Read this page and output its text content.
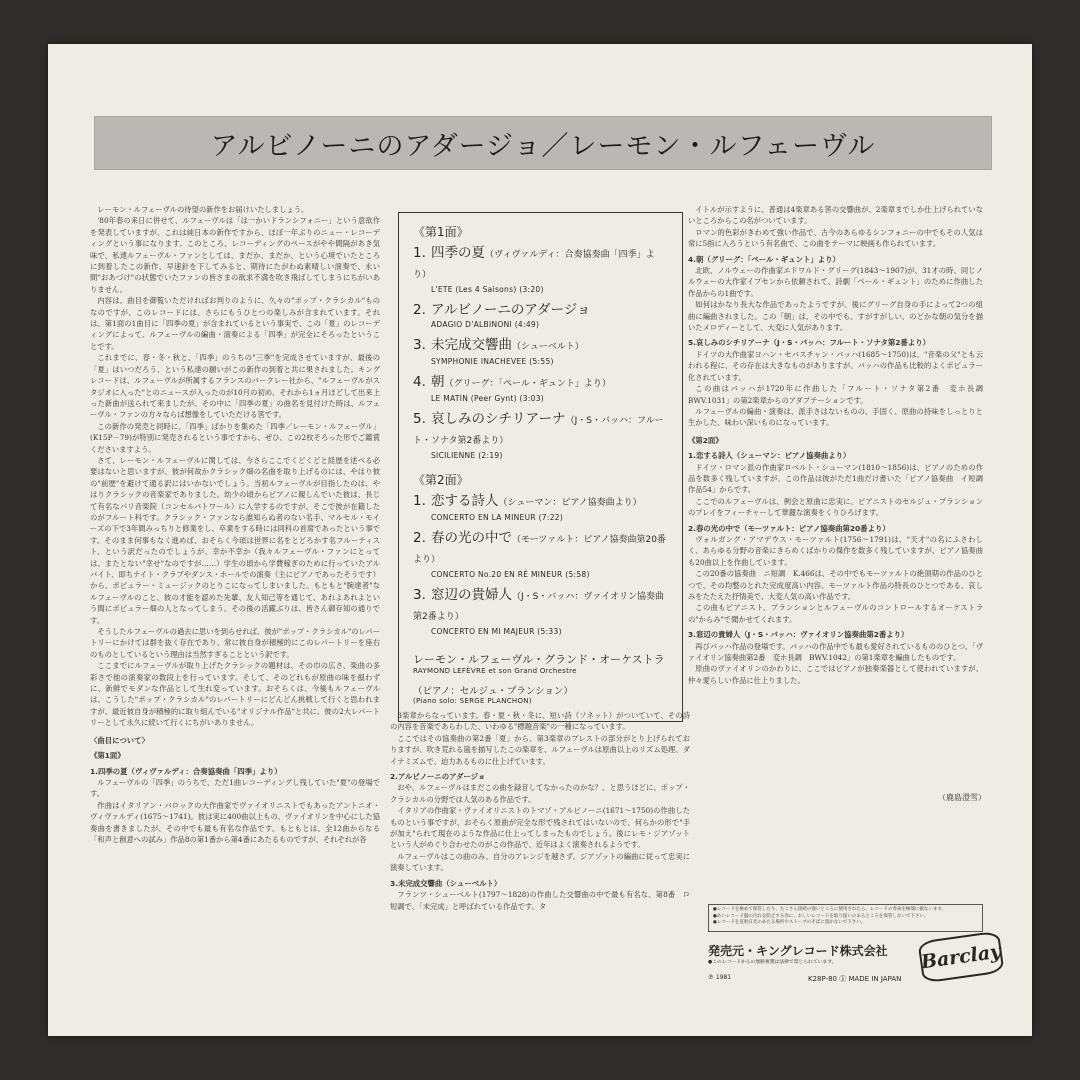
アルビノーニのアダージョ／レーモン・ルフェーヴル

レーモン・ルフェーヴルの待望の新作をお届けいたしましょう。

'80年春の来日に併せて、ルフェーヴルは「は一かいドランシフォニー」という意欲作を発表していますが、これは純日本の新作ですから、ほぼ一年ぶりのニュー・レコーディングという事になります。このところ、レコーディングのペースがやや間隔があき気味で、私達ルフェーヴル・ファンとしては、まだか、まだか、という心境でいたところに到着したこの新作、早速針を下してみると、期待にたがわぬ素晴しい演奏で、永い間"おあづけ"の状態でいたファンの皆さまの欲求不満を吹き飛ばしてしまうにちがいありません。

内容は、曲目を御覧いただければお判りのように、久々の"ポップ・クラシカル"ものなのですが、このレコードには、さらにもうひとつの楽しみが含まれています。それは、第1面の1曲目に「四季の夏」が含まれているという事実で、この「夏」のレコーディングによって、ルフェーヴルの編曲・演奏による「四季」が完全にそろったということです。

これまでに、春・冬・秋と、「四季」のうちの"三季"を完成させていますが、最後の「夏」はいつだろう、という私達の願いがこの新作の到着と共に果されました。キングレコードは、ルフェーヴルが所属するフランスのバークレー社から、"ルフェーヴルがスタジオに入った"とのニュースが入ったのが10月の初め、それから1ヵ月ほどして出来上った新曲が送られて来ましたが、その中に「四季の夏」の曲名を見付けた時は、ルフェーヴル・ファンの方々ならば想像をしていただける筈です。

この新作の発売と同時に、「四季」ばかりを集めた「四季／レーモン・ルフェーヴル」(K15P－79)が特別に発売されるという事ですから、ぜひ、この2枚そろった形でご鑑賞くださいますよう。

さて、レーモン・ルフェーヴルに関しては、今さらここでくどくどと経歴を述べる必要はないと思いますが、彼が何故かクラシック畑の名曲を取り上げるのには、やはり彼の"前歴"を避けて通る訳にはいかないでしょう。当初ルフェーヴルが目指したのは、やはりクラシックの音楽家でありました。幼少の頃からピアノに親しんでいた彼は、長じて有名なパリ音楽院（コンセルバトワール）に入学するのですが、そこで彼が在籍したのがフルート科です。クラシック・ファンなら誰知らぬ者のない名手、マルセル・モイーズの下で3年間みっちりと修業をし、卒業をする時には同科の首席であったという事です。そのまま何事もなく進めば、おそらく今頃は世界に名をとどろかす名フルーティスト、という訳だったのでしょうが、幸か不幸か（我々ルフェーヴル・ファンにとっては、またとない"幸せ"なのですが……）学生の頃から学費稼ぎのために行っていたアルバイト、即ちナイト・クラブやダンス・ホールでの演奏（主にピアノであったそうです）から、ポピュラー・ミュージックのとりこになってしまいました。もともと"腕達者"なルフェーヴルのこと、彼の才能を認めた先輩、友人知己等を通じて、あれよあれよという間にポピュラー畑の人となってしまう。その後の活躍ぶりは、皆さん御存知の通りです。

そうしたルフェーヴルの過去に思いを到らせれば、彼が"ポップ・クラシカル"のレパートリーにかけては群を抜く存在であり、常に彼自身が積極的にこのレパートリーを座右のものとしているという理由は当然すぎることという訳です。

ここまでにルフェーヴルが取り上げたクラシックの題材は、その巾の広さ、楽曲の多彩さで他の演奏家の数段上を行っています。そして、そのどれもが原曲の味を損わずに、新鮮でモダンな作品として生れ変っています。おそらくは、今後もルフェーヴルは、こうした"ポップ・クラシカル"のレパートリーにどんどん挑戦して行くと思われますが、最近彼自身が積極的に取り組んでいる"オリジナル作品"と共に、彼の2大レパートリーとして永久に続いて行くにちがいありません。

〈曲目について〉
《第1面》
1.四季の夏（ヴィヴァルディ：合奏協奏曲「四季」より）

ルフェーヴルの「四季」のうちで、ただ1曲レコーディングし残していた"夏"の登場です。

作曲はイタリアン・バロックの大作曲家でヴァイオリニストでもあったアントニオ・ヴィヴァルディ(1675～1741)。彼は実に400曲以上もの、ヴァイオリンを中心にした協奏曲を書きましたが、その中でも最も有名な作品です。もともとは、全12曲からなる「和声と創意への試み」作品8の第1番から第4番にあたるものですが、それぞれが各

《第1面》
1. 四季の夏（ヴィヴァルディ：合奏協奏曲「四季」より）
L'ETE (Les 4 Saisons) (3:20)
2. アルビノーニのアダージョ
ADAGIO D'ALBINONI (4:49)
3. 未完成交響曲（シューベルト）
SYMPHONIE INACHEVEE (5:55)
4. 朝（グリーグ：「ペール・ギュント」より）
LE MATIN (Peer Gynt) (3:03)
5. 哀しみのシチリアーナ（J・S・バッハ：フルート・ソナタ第2番より）
SICILIENNE (2:19)
《第2面》
1. 恋する詩人（シューマン：ピアノ協奏曲より）
CONCERTO EN LA MINEUR (7:22)
2. 春の光の中で（モーツァルト：ピアノ協奏曲第20番より）
CONCERTO No.20 EN RÉ MINEUR (5:58)
3. 窓辺の貴婦人（J・S・バッハ：ヴァイオリン協奏曲第2番より）
CONCERTO EN MI MAJEUR (5:33)
レーモン・ルフェーヴル・グランド・オーケストラ
RAYMOND LEFÈVRE et son Grand Orchestre
（ピアノ：セルジュ・プランション）
(Piano solo: SERGE PLANCHON)

3楽章からなっています。春・夏・秋・冬に、短い詩（ソネット）がついていて、その詩の内容を音楽であらわした、いわゆる"標題音楽"の一種になっています。

ここではその協奏曲の第2番「夏」から、第3楽章のプレストの部分がとり上げられておりますが、吹き荒れる嵐を描写したこの楽章を、ルフェーヴルは原曲以上のリズム処理、ダイナミズムで、迫力あるものに仕上げています。

2.アルビノーニのアダージョ

おや、ルフェーヴルはまだこの曲を録音してなかったのかな？、と思うほどに、ポップ・クラシカルの分野では人気のある作品です。

イタリアの作曲家・ヴァイオリニストのトマゾ・アルビノーニ(1671～1750)の作曲したものという事ですが、おそらく原曲が完全な形で残されてはいないので、何らかの形で"手が加え"られて現在のような作品に仕上ってしまったものでしょう。後にレモ・ジアゾットという人がめぐり合わせたのがこの作品で、近年はよく演奏されるようです。

ルフェーヴルはこの曲のみ、自分のアレンジを越さず、ジアゾットの編曲に従って忠実に演奏しています。

3.未完成交響曲（シューベルト）

フランツ・シューベルト(1797～1828)の作曲した交響曲の中で最も有名な、第8番　ロ短調で、「未完成」と呼ばれている作品です。タ

イトルが示すように、普通は4楽章ある筈の交響曲が、2楽章までしか仕上げられていないところからこの名がついています。

ロマン的色彩がきわめて強い作品で、古今のあらゆるシンフォニーの中でもその人気は常に5指に入ろうという有名曲で、この曲をテーマに映画も作られています。

4.朝（グリーグ：「ペール・ギュント」より）

北欧、ノルウェーの作曲家エドワルド・グリーグ(1843～1907)が、31才の時、同じノルウェーの大作家イプセンから依頼されて、詩劇「ペール・ギュント」のために作曲した作品からの1曲です。

如何はかなり長大な作品であったようですが、後にグリーグ自身の手によって2つの組曲に編曲されました。この「朝」は、その中でも、すがすがしい、のどかな朝の気分を描いたメロディーとして、大変に人気があります。

5.哀しみのシチリアーナ（J・S・バッハ：フルート・ソナタ第2番より）

ドイツの大作曲家ヨハン・セバスチャン・バッハ(1685～1750)は、"音楽の父"とも云われる程に、その存在は大きなものがありますが、バッハの作品も比較的よくポピュラー化されています。

この曲はバッハが1720年に作曲した「フルート・ソナタ第2番　変ホ長調　BWV.1031」の第2楽章からのアダプテーションです。

ルフェーヴルの編曲・演奏は、派手さはないものの、手固く、原曲の持味をしっとりと生かした、味わい深いものになっています。

《第2面》
1.恋する詩人（シューマン：ピアノ協奏曲より）

ドイツ・ロマン派の作曲家ロベルト・シューマン(1810～1856)は、ピアノのための作品を数多く残していますが、この作品は彼がただ1曲だけ書いた「ピアノ協奏曲　イ短調　作品54」からです。

ここでのルフェーヴルは、例会と原曲に忠実に、ピアニストのセルジュ・プランションのプレイをフィーチャーして華麗な演奏をくりひろげます。

2.春の光の中で（モーツァルト：ピアノ協奏曲第20番より）

ヴォルガング・アマデウス・モーツァルト(1756～1791)は、"天才"の名にふさわしく、あらゆる分野の音楽にきらめくばかりの傑作を数多く残していますが、ピアノ協奏曲も20曲以上を作曲しています。

この20番の協奏曲　ニ短調　K.466は、その中でもモーツァルトの絶頂期の作品のひとつで、その均整のとれた完成度高い内容、モーツァルト作品の特長のひとつである、哀しみをたたえた抒情美で、大変人気の高い作品です。

この曲もピアニスト、プランションとルフェーヴルのコントロールするオーケストラの"からみ"で聞かせてくれます。

3.窓辺の貴婦人（J・S・バッハ：ヴァイオリン協奏曲第2番より）

再びバッハ作品の登場です。バッハの作品中でも最も愛好されているもののひとつ、「ヴァイオリン協奏曲第2番　変ホ長調　BWV.1042」の第1楽章を編曲したものです。

原曲のヴァイオリンのかわりに、ここではピアノが独奏楽器として使われていますが、仲々愛らしい作品に仕上りました。

（鹿島澄雪）
●レコードを極めて保管したり、たこさん接続の強いところに使用されたら、レコードの寿命を極端に損ないます。
●あいレコード盤の汚れを防止する為に、おしいレコードを取り扱いのあるところを保管しないで下さい。
●レコードを直射日光のあたる場所やストーブのそばに置かないで下さい。
発売元・キングレコード株式会社
●このレコードからの無断複製は法律で禁じられています。
℗ 1981	K28P-80 ⓚ MADE IN JAPAN
Barclay
